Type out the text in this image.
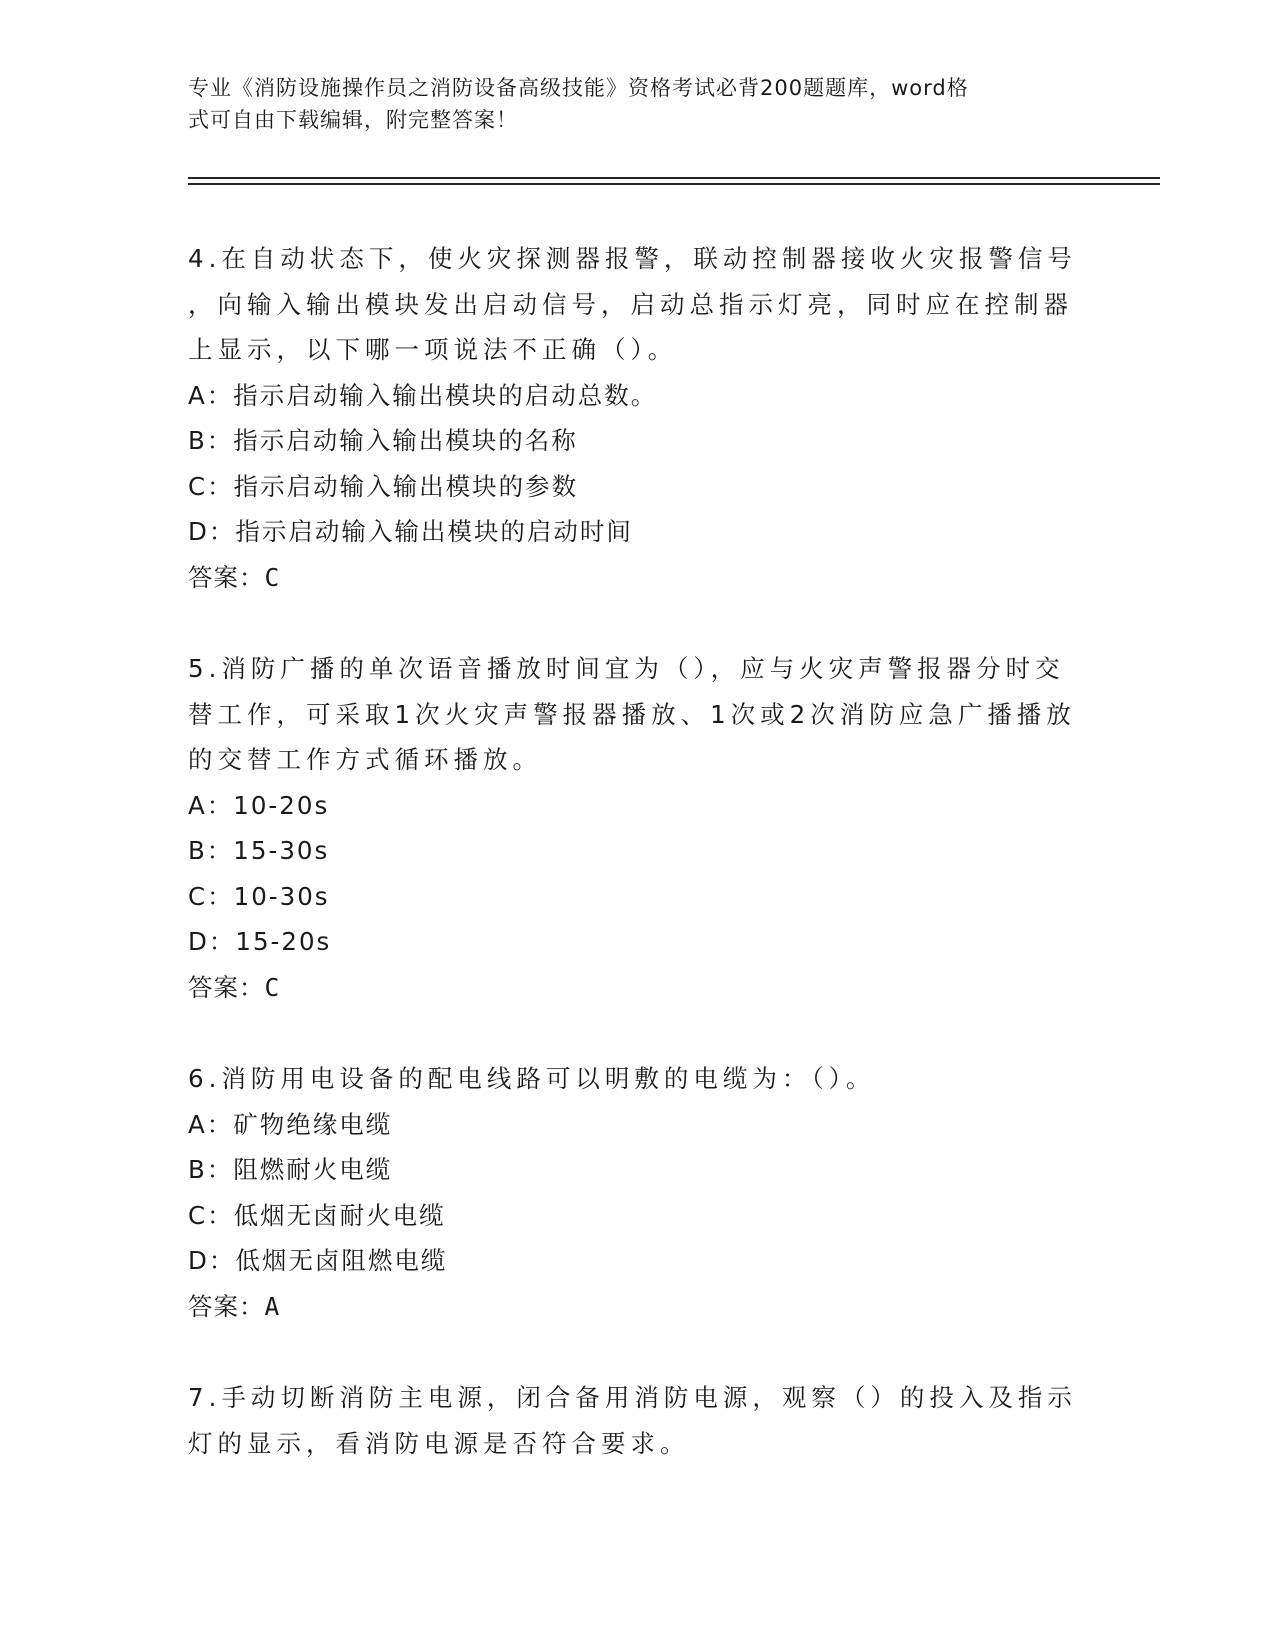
专业《消防设施操作员之消防设备高级技能》资格考试必背200题题库，word格
式可自由下载编辑，附完整答案！
4.在自动状态下，使火灾探测器报警，联动控制器接收火灾报警信号
，向输入输出模块发出启动信号，启动总指示灯亮，同时应在控制器
上显示，以下哪一项说法不正确（）。
A：指示启动输入输出模块的启动总数。
B：指示启动输入输出模块的名称
C：指示启动输入输出模块的参数
D：指示启动输入输出模块的启动时间
答案：C
5.消防广播的单次语音播放时间宜为（），应与火灾声警报器分时交
替工作，可采取1次火灾声警报器播放、1次或2次消防应急广播播放
的交替工作方式循环播放。
A：10-20s
B：15-30s
C：10-30s
D：15-20s
答案：C
6.消防用电设备的配电线路可以明敷的电缆为：（）。
A：矿物绝缘电缆
B：阻燃耐火电缆
C：低烟无卤耐火电缆
D：低烟无卤阻燃电缆
答案：A
7.手动切断消防主电源，闭合备用消防电源，观察（）的投入及指示
灯的显示，看消防电源是否符合要求。
